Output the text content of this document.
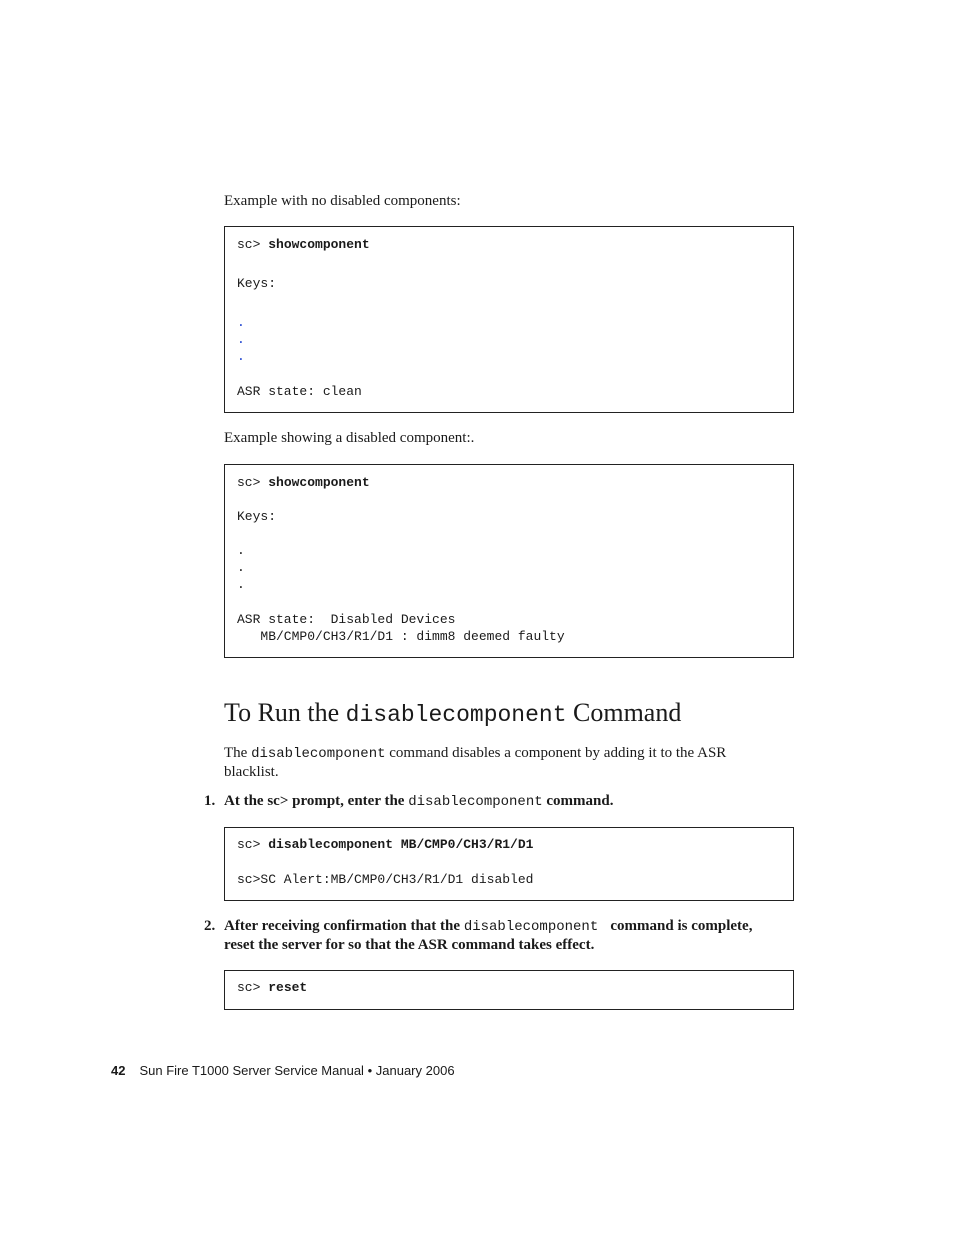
Example with no disabled components:

sc> showcomponent
Keys:
.
.
.
ASR state: clean

Example showing a disabled component:.

sc> showcomponent
Keys:
.
.
.
ASR state:  Disabled Devices
MB/CMP0/CH3/R1/D1 : dimm8 deemed faulty
To Run the disablecomponent Command

The disablecomponent command disables a component by adding it to the ASR
blacklist.

1. At the sc> prompt, enter the disablecomponent command.

sc> disablecomponent MB/CMP0/CH3/R1/D1
sc>SC Alert:MB/CMP0/CH3/R1/D1 disabled

2. After receiving confirmation that the disablecomponent  command is complete,
reset the server for so that the ASR command takes effect.

sc> reset
42 Sun Fire T1000 Server Service Manual • January 2006
